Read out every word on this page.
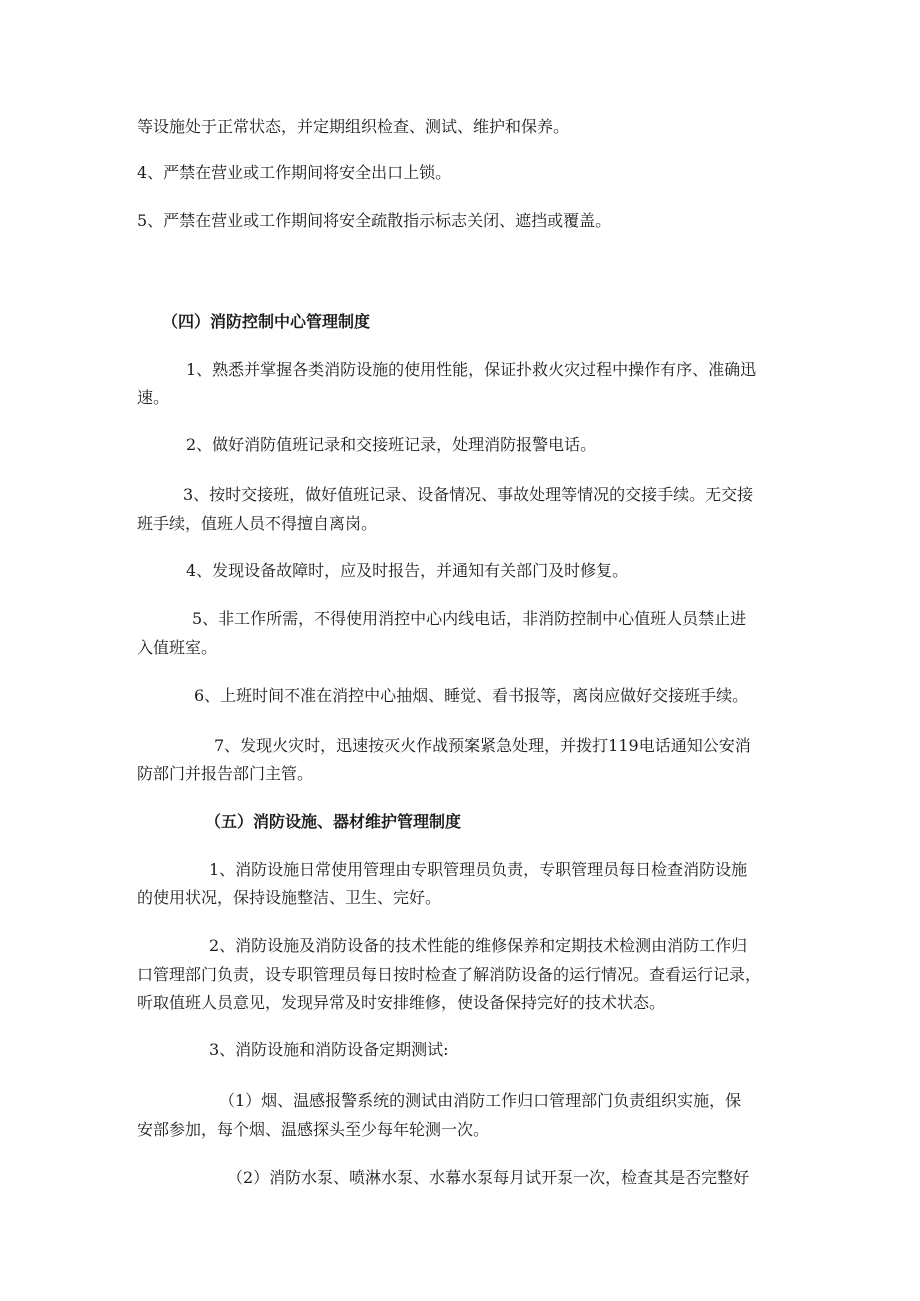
等设施处于正常状态，并定期组织检查、测试、维护和保养。

4、严禁在营业或工作期间将安全出口上锁。

5、严禁在营业或工作期间将安全疏散指示标志关闭、遮挡或覆盖。

（四）消防控制中心管理制度

1、熟悉并掌握各类消防设施的使用性能，保证扑救火灾过程中操作有序、准确迅

速。

2、做好消防值班记录和交接班记录，处理消防报警电话。

3、按时交接班，做好值班记录、设备情况、事故处理等情况的交接手续。无交接

班手续，值班人员不得擅自离岗。

4、发现设备故障时，应及时报告，并通知有关部门及时修复。

5、非工作所需，不得使用消控中心内线电话，非消防控制中心值班人员禁止进

入值班室。

6、上班时间不准在消控中心抽烟、睡觉、看书报等，离岗应做好交接班手续。

7、发现火灾时，迅速按灭火作战预案紧急处理，并拨打119电话通知公安消

防部门并报告部门主管。

（五）消防设施、器材维护管理制度

1、消防设施日常使用管理由专职管理员负责，专职管理员每日检查消防设施

的使用状况，保持设施整洁、卫生、完好。

2、消防设施及消防设备的技术性能的维修保养和定期技术检测由消防工作归

口管理部门负责，设专职管理员每日按时检查了解消防设备的运行情况。查看运行记录，

听取值班人员意见，发现异常及时安排维修，使设备保持完好的技术状态。

3、消防设施和消防设备定期测试:

（1）烟、温感报警系统的测试由消防工作归口管理部门负责组织实施，保

安部参加，每个烟、温感探头至少每年轮测一次。

（2）消防水泵、喷淋水泵、水幕水泵每月试开泵一次，检查其是否完整好
